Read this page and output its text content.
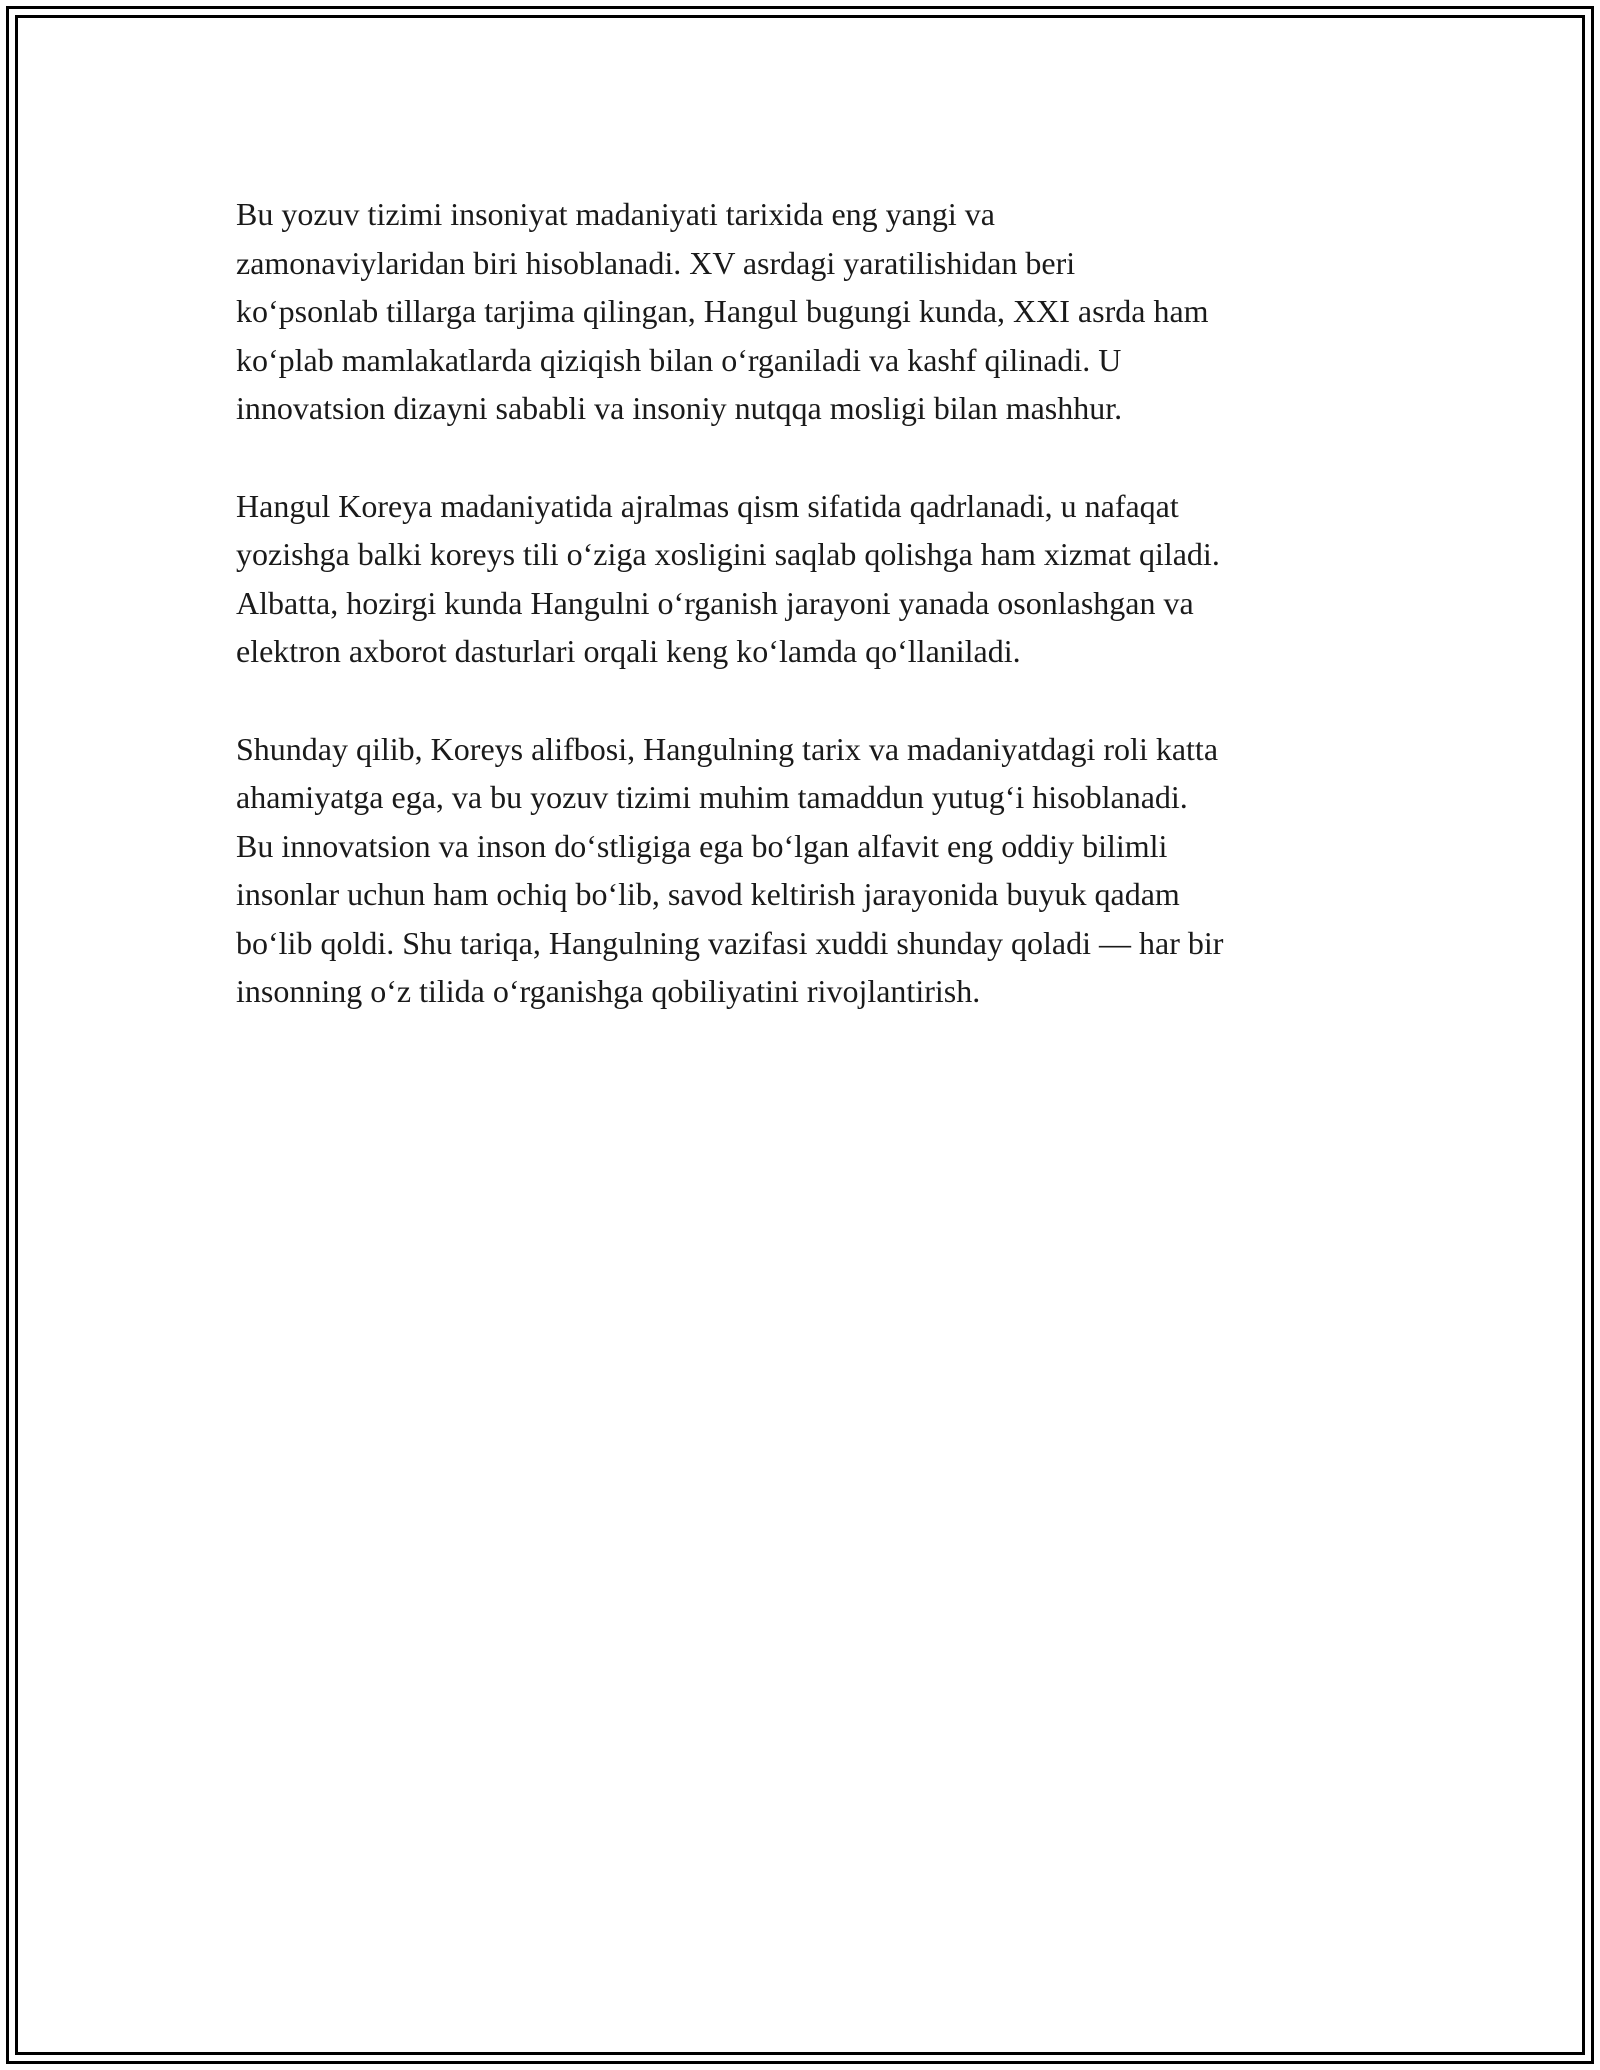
Bu yozuv tizimi insoniyat madaniyati tarixida eng yangi va
zamonaviylaridan biri hisoblanadi. XV asrdagi yaratilishidan beri
ko‘psonlab tillarga tarjima qilingan, Hangul bugungi kunda, XXI asrda ham
ko‘plab mamlakatlarda qiziqish bilan o‘rganiladi va kashf qilinadi. U
innovatsion dizayni sababli va insoniy nutqqa mosligi bilan mashhur.

Hangul Koreya madaniyatida ajralmas qism sifatida qadrlanadi, u nafaqat
yozishga balki koreys tili o‘ziga xosligini saqlab qolishga ham xizmat qiladi.
Albatta, hozirgi kunda Hangulni o‘rganish jarayoni yanada osonlashgan va
elektron axborot dasturlari orqali keng ko‘lamda qo‘llaniladi.

Shunday qilib, Koreys alifbosi, Hangulning tarix va madaniyatdagi roli katta
ahamiyatga ega, va bu yozuv tizimi muhim tamaddun yutug‘i hisoblanadi.
Bu innovatsion va inson do‘stligiga ega bo‘lgan alfavit eng oddiy bilimli
insonlar uchun ham ochiq bo‘lib, savod keltirish jarayonida buyuk qadam
bo‘lib qoldi. Shu tariqa, Hangulning vazifasi xuddi shunday qoladi — har bir
insonning o‘z tilida o‘rganishga qobiliyatini rivojlantirish.
